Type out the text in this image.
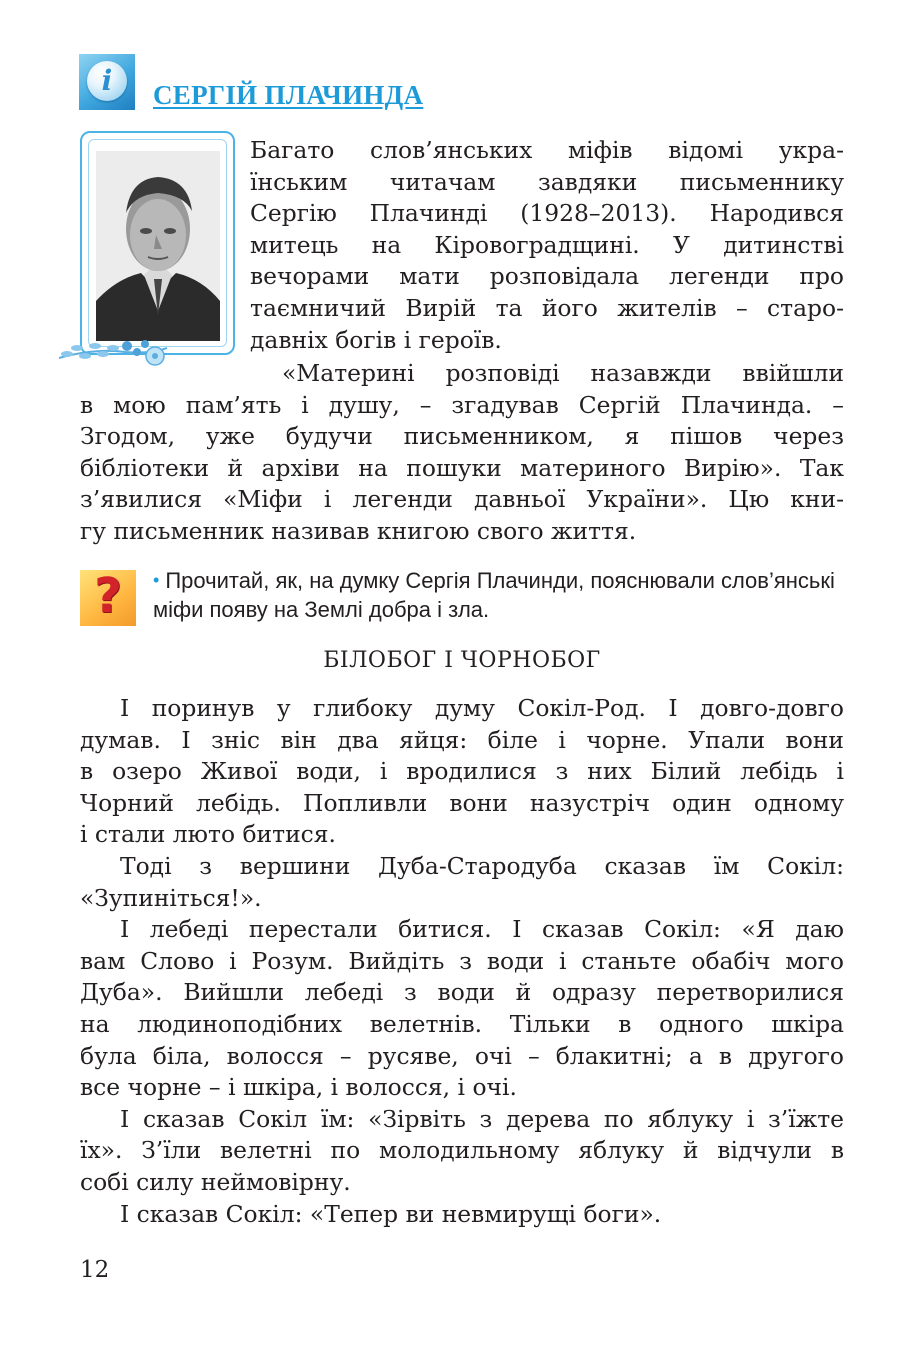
i	СЕРГІЙ ПЛАЧИНДА
Багато слов’янських міфів відомі укра-
їнським читачам завдяки письменнику
Сергію Плачинді (1928–2013). Народився
митець на Кіровоградщині. У дитинстві
вечорами мати розповідала легенди про
таємничий Вирій та його жителів – старо-
давніх богів і героїв.
«Материні розповіді назавжди ввійшли
в мою пам’ять і душу, – згадував Сергій Плачинда. –
Згодом, уже будучи письменником, я пішов через
бібліотеки й архіви на пошуки материного Вирію». Так
з’явилися «Міфи і легенди давньої України». Цю кни-
гу письменник називав книгою свого життя.
?	• Прочитай, як, на думку Сергія Плачинди, пояснювали слов’янські міфи появу на Землі добра і зла.
БІЛОБОГ І ЧОРНОБОГ
І поринув у глибоку думу Сокіл-Род. І довго-довго
думав. І зніс він два яйця: біле і чорне. Упали вони
в озеро Живої води, і вродилися з них Білий лебідь і
Чорний лебідь. Попливли вони назустріч один одному
і стали люто битися.
Тоді з вершини Дуба-Стародуба сказав їм Сокіл:
«Зупиніться!».
І лебеді перестали битися. І сказав Сокіл: «Я даю
вам Слово і Розум. Вийдіть з води і станьте обабіч мого
Дуба». Вийшли лебеді з води й одразу перетворилися
на людиноподібних велетнів. Тільки в одного шкіра
була біла, волосся – русяве, очі – блакитні; а в другого
все чорне – і шкіра, і волосся, і очі.
І сказав Сокіл їм: «Зірвіть з дерева по яблуку і з’їжте
їх». З’їли велетні по молодильному яблуку й відчули в
собі силу неймовірну.
І сказав Сокіл: «Тепер ви невмирущі боги».
12
